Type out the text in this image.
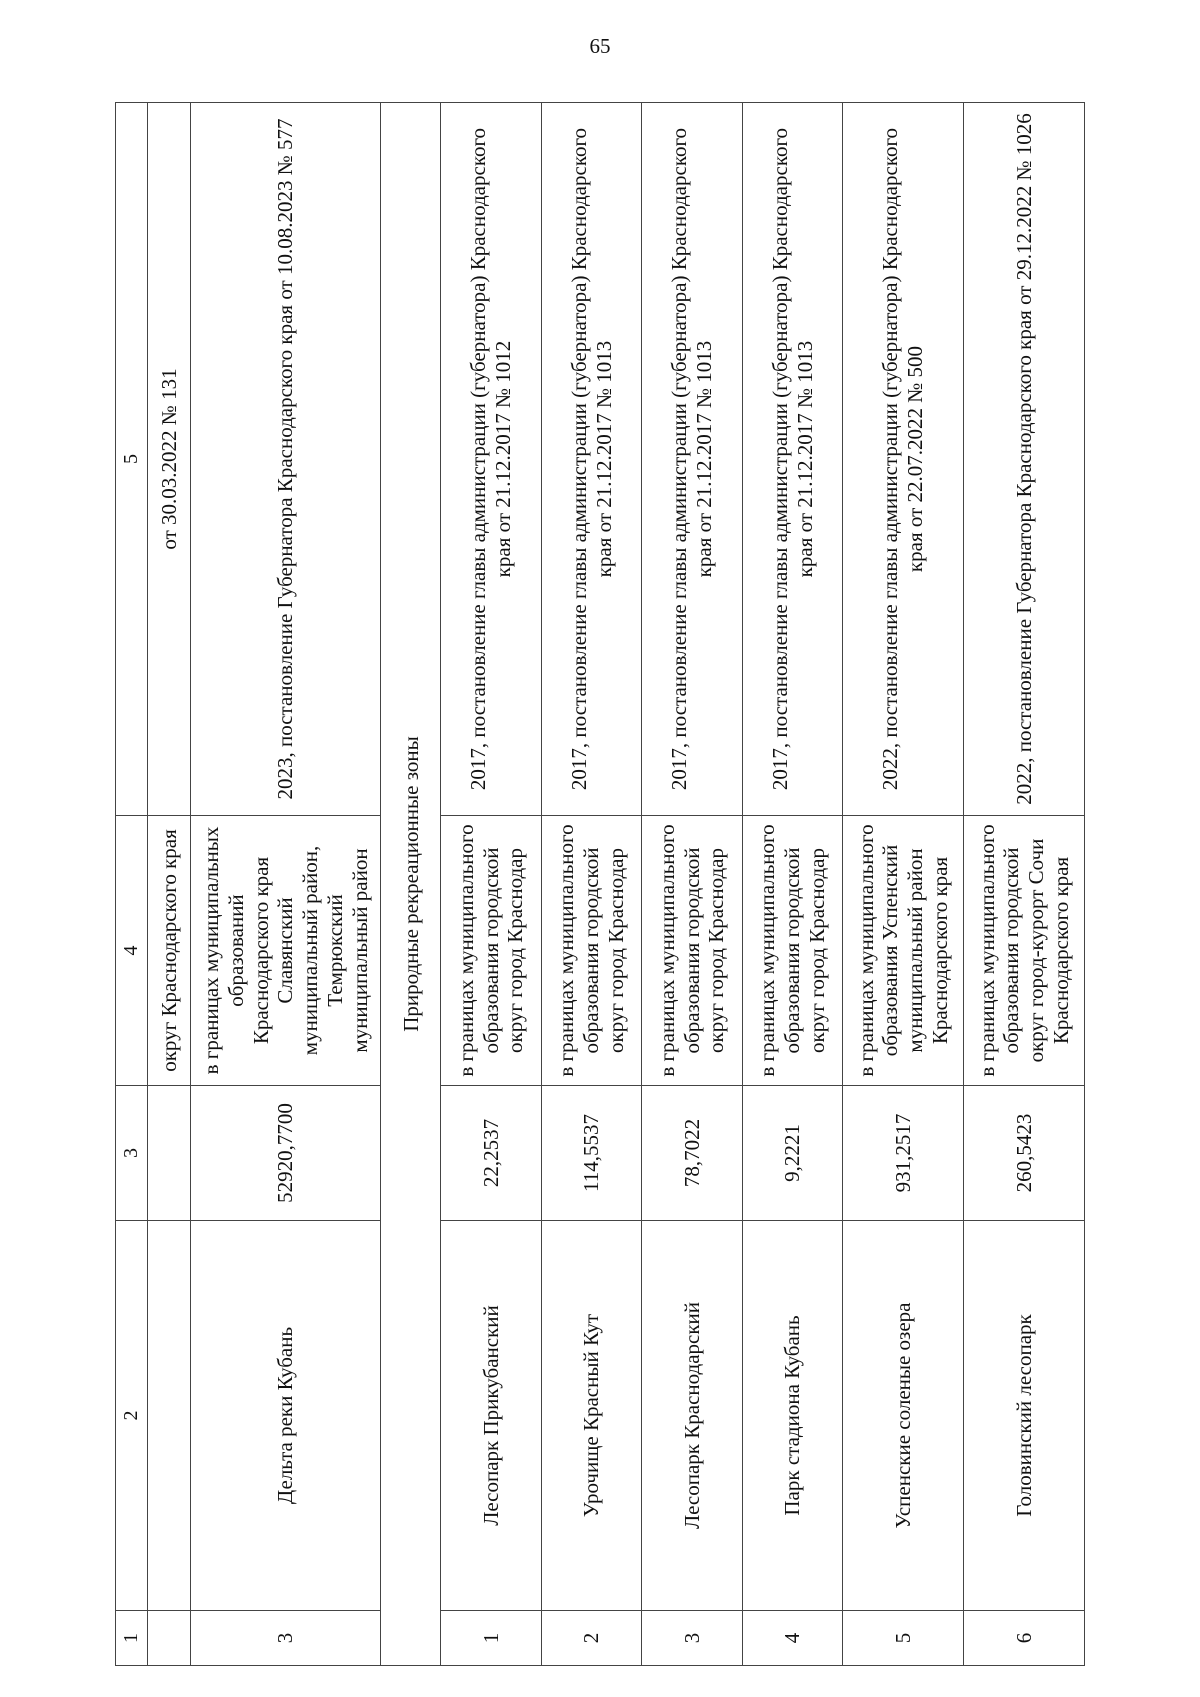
65
1	2	3	4	5
			округ Краснодарского края	от 30.03.2022 № 131
3	Дельта реки Кубань	52920,7700	в границах муниципальных образований Краснодарского края Славянский муниципальный район, Темрюкский муниципальный район	2023, постановление Губернатора Краснодарского края от 10.08.2023 № 577
Природные рекреационные зоны				
1	Лесопарк Прикубанский	22,2537	в границах муниципального образования городской округ город Краснодар	2017, постановление главы администрации (губернатора) Краснодарского края от 21.12.2017 № 1012
2	Урочище Красный Кут	114,5537	в границах муниципального образования городской округ город Краснодар	2017, постановление главы администрации (губернатора) Краснодарского края от 21.12.2017 № 1013
3	Лесопарк Краснодарский	78,7022	в границах муниципального образования городской округ город Краснодар	2017, постановление главы администрации (губернатора) Краснодарского края от 21.12.2017 № 1013
4	Парк стадиона Кубань	9,2221	в границах муниципального образования городской округ город Краснодар	2017, постановление главы администрации (губернатора) Краснодарского края от 21.12.2017 № 1013
5	Успенские соленые озера	931,2517	в границах муниципального образования Успенский муниципальный район Краснодарского края	2022, постановление главы администрации (губернатора) Краснодарского края от 22.07.2022 № 500
6	Головинский лесопарк	260,5423	в границах муниципального образования городской округ город-курорт Сочи Краснодарского края	2022, постановление Губернатора Краснодарского края от 29.12.2022 № 1026
